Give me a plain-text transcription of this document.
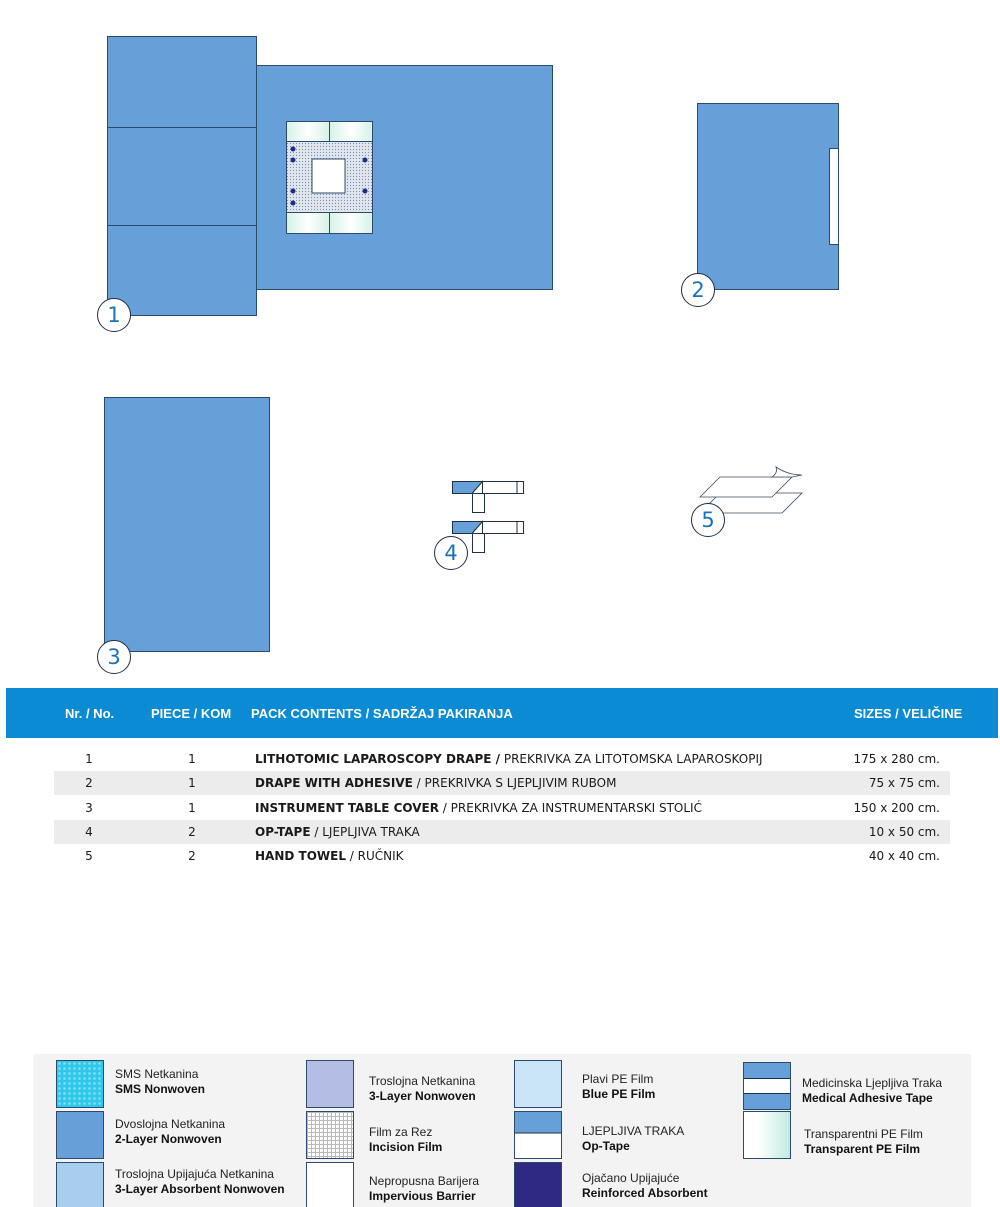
1
2
3
4
5
Nr. / No.	PIECE / KOM PACK CONTENTS / SADRŽAJ PAKIRANJA	SIZES / VELIČINE
1	1	LITHOTOMIC LAPAROSCOPY DRAPE / PREKRIVKA ZA LITOTOMSKA LAPAROSKOPIJ	175 x 280 cm.
2	1	DRAPE WITH ADHESIVE / PREKRIVKA S LJEPLJIVIM RUBOM	75 x 75 cm.
3	1	INSTRUMENT TABLE COVER / PREKRIVKA ZA INSTRUMENTARSKI STOLIĆ	150 x 200 cm.
4	2	OP-TAPE / LJEPLJIVA TRAKA	10 x 50 cm.
5	2	HAND TOWEL / RUČNIK	40 x 40 cm.
SMS Netkanina
SMS Nonwoven
Dvoslojna Netkanina
2-Layer Nonwoven
Troslojna Upijajuća Netkanina
3-Layer Absorbent Nonwoven
Troslojna Netkanina
3-Layer Nonwoven
Film za Rez
Incision Film
Nepropusna Barijera
Impervious Barrier
Plavi PE Film
Blue PE Film
LJEPLJIVA TRAKA
Op-Tape
Ojačano Upijajuće
Reinforced Absorbent
Medicinska Ljepljiva Traka
Medical Adhesive Tape
Transparentni PE Film
Transparent PE Film
